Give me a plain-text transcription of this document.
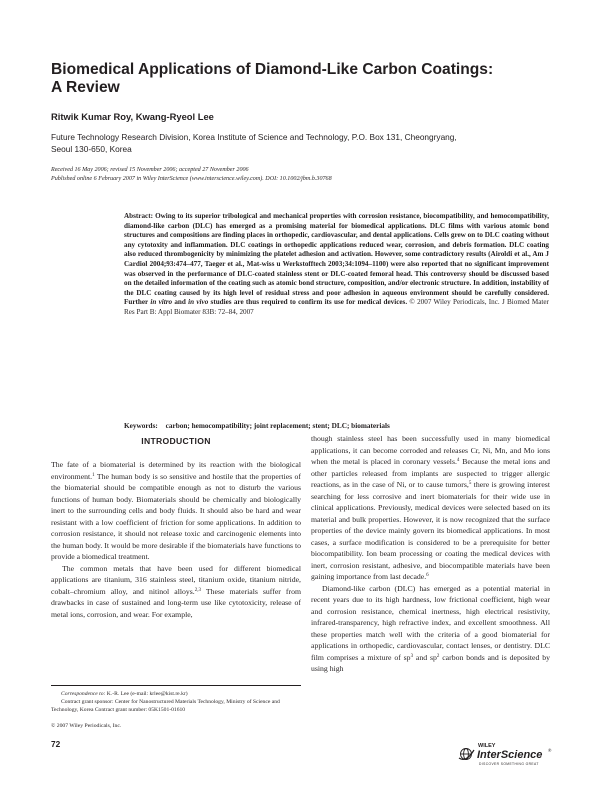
Biomedical Applications of Diamond-Like Carbon Coatings:
A Review
Ritwik Kumar Roy, Kwang-Ryeol Lee
Future Technology Research Division, Korea Institute of Science and Technology, P.O. Box 131, Cheongryang,
Seoul 130-650, Korea
Received 16 May 2006; revised 15 November 2006; accepted 27 November 2006
Published online 6 February 2007 in Wiley InterScience (www.interscience.wiley.com). DOI: 10.1002/jbm.b.30768
Abstract: Owing to its superior tribological and mechanical properties with corrosion resistance, biocompatibility, and hemocompatibility, diamond-like carbon (DLC) has emerged as a promising material for biomedical applications. DLC films with various atomic bond structures and compositions are finding places in orthopedic, cardiovascular, and dental applications. Cells grew on to DLC coating without any cytotoxity and inflammation. DLC coatings in orthopedic applications reduced wear, corrosion, and debris formation. DLC coating also reduced thrombogenicity by minimizing the platelet adhesion and activation. However, some contradictory results (Airoldi et al., Am J Cardiol 2004;93:474–477, Taeger et al., Mat-wiss u Werkstofftech 2003;34:1094–1100) were also reported that no significant improvement was observed in the performance of DLC-coated stainless stent or DLC-coated femoral head. This controversy should be discussed based on the detailed information of the coating such as atomic bond structure, composition, and/or electronic structure. In addition, instability of the DLC coating caused by its high level of residual stress and poor adhesion in aqueous environment should be carefully considered. Further in vitro and in vivo studies are thus required to confirm its use for medical devices. © 2007 Wiley Periodicals, Inc. J Biomed Mater Res Part B: Appl Biomater 83B: 72–84, 2007
Keywords: carbon; hemocompatibility; joint replacement; stent; DLC; biomaterials
INTRODUCTION

The fate of a biomaterial is determined by its reaction with the biological environment.$^1$ The human body is so sensitive and hostile that the properties of the biomaterial should be compatible enough as not to disturb the various functions of human body. Biomaterials should be chemically and biologically inert to the surrounding cells and body fluids. It should also be hard and wear resistant with a low coefficient of friction for some applications. In addition to corrosion resistance, it should not release toxic and carcinogenic elements into the human body. It would be more desirable if the biomaterials have functions to provide a biomedical treatment.

The common metals that have been used for different biomedical applications are titanium, 316 stainless steel, titanium oxide, titanium nitride, cobalt–chromium alloy, and nitinol alloys.$^{2,3}$ These materials suffer from drawbacks in case of sustained and long-term use like cytotoxicity, release of metal ions, corrosion, and wear. For example,

though stainless steel has been successfully used in many biomedical applications, it can become corroded and releases Cr, Ni, Mn, and Mo ions when the metal is placed in coronary vessels.$^4$ Because the metal ions and other particles released from implants are suspected to trigger allergic reactions, as in the case of Ni, or to cause tumors,$^5$ there is growing interest searching for less corrosive and inert biomaterials for their wide use in clinical applications. Previously, medical devices were selected based on its material and bulk properties. However, it is now recognized that the surface properties of the device mainly govern its biomedical applications. In most cases, a surface modification is considered to be a prerequisite for better biocompatibility. Ion beam processing or coating the medical devices with inert, corrosion resistant, adhesive, and biocompatible materials have been gaining importance from last decade.$^6$

Diamond-like carbon (DLC) has emerged as a potential material in recent years due to its high hardness, low frictional coefficient, high wear and corrosion resistance, chemical inertness, high electrical resistivity, infrared-transparency, high refractive index, and excellent smoothness. All these properties match well with the criteria of a good biomaterial for applications in orthopedic, cardiovascular, contact lenses, or dentistry. DLC film comprises a mixture of $sp^3$ and $sp^2$ carbon bonds and is deposited by using high

Correspondence to: K.-R. Lee (e-mail: krlee@kist.re.kr)

Contract grant sponsor: Center for Nanostructured Materials Technology, Ministry of Science and Technology, Korea Contract grant number: 05K1501-01610

© 2007 Wiley Periodicals, Inc.
72	WILEY
InterScience ®
DISCOVER SOMETHING GREAT
